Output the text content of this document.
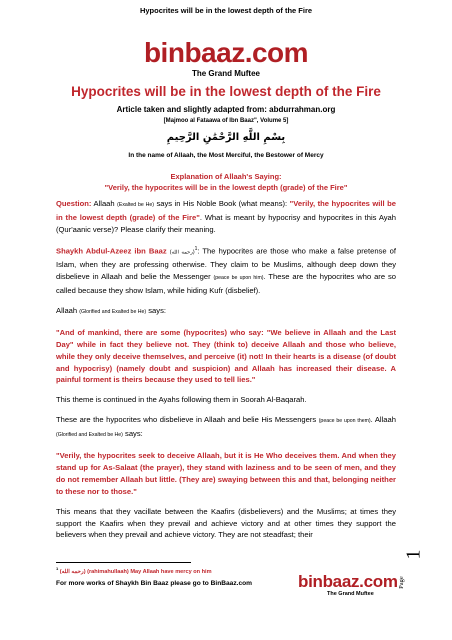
Hypocrites will be in the lowest depth of the Fire
binbaaz.com
The Grand Muftee
Hypocrites will be in the lowest depth of the Fire
Article taken and slightly adapted from: abdurrahman.org
[Majmoo al Fataawa of Ibn Baaz", Volume 5]
بِسْمِ اللَّهِ الرَّحْمَٰنِ الرَّحِيمِ
In the name of Allaah, the Most Merciful, the Bestower of Mercy
Explanation of Allaah's Saying:
"Verily, the hypocrites will be in the lowest depth (grade) of the Fire"

Question: Allaah (Exalted be He) says in His Noble Book (what means): "Verily, the hypocrites will be in the lowest depth (grade) of the Fire". What is meant by hypocrisy and hypocrites in this Ayah (Qur'aanic verse)? Please clarify their meaning.

Shaykh Abdul-Azeez ibn Baaz (رحمه الله)$^1$: The hypocrites are those who make a false pretense of Islam, when they are professing otherwise. They claim to be Muslims, although deep down they disbelieve in Allaah and belie the Messenger (peace be upon him). These are the hypocrites who are so called because they show Islam, while hiding Kufr (disbelief).

Allaah (Glorified and Exalted be He) says:

"And of mankind, there are some (hypocrites) who say: "We believe in Allaah and the Last Day" while in fact they believe not. They (think to) deceive Allaah and those who believe, while they only deceive themselves, and perceive (it) not! In their hearts is a disease (of doubt and hypocrisy) (namely doubt and suspicion) and Allaah has increased their disease. A painful torment is theirs because they used to tell lies."

This theme is continued in the Ayahs following them in Soorah Al-Baqarah.

These are the hypocrites who disbelieve in Allaah and belie His Messengers (peace be upon them). Allaah (Glorified and Exalted be He) says:

"Verily, the hypocrites seek to deceive Allaah, but it is He Who deceives them. And when they stand up for As-Salaat (the prayer), they stand with laziness and to be seen of men, and they do not remember Allaah but little. (They are) swaying between this and that, belonging neither to these nor to those."

This means that they vacillate between the Kaafirs (disbelievers) and the Muslims; at times they support the Kaafirs when they prevail and achieve victory and at other times they support the believers when they prevail and achieve victory. They are not steadfast; their

$^1$ (رحمه الله) (rahimahullaah) May Allaah have mercy on him
For more works of Shaykh Bin Baaz please go to BinBaaz.com	binbaaz.com
The Grand Muftee
Page
1
